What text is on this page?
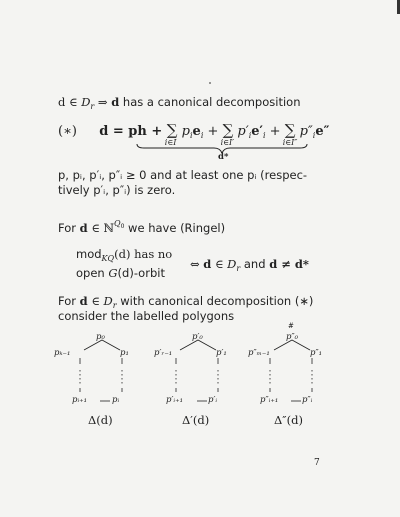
d ∈ $D_r$ ⇒ d has a canonical decomposition
(∗) d = ph + ∑
i∈I
$p_ie_i$ + ∑
i∈I′
$p'_ie'_i$ + ∑
i∈I″
$p''_ie''$
d*
p, pᵢ, p′ᵢ, p″ᵢ ≥ 0 and at least one pᵢ (respec-
tively p′ᵢ, p″ᵢ) is zero.
For d ∈ ℕ$^{Q0}$ we have (Ringel)
mod$_{KQ}$(d) has no
open G(d)-orbit
⇔ d ∈ $D_r$ and d ≠ d*
For d ∈ $D_r$ with canonical decomposition (∗)
consider the labelled polygons
p₀
pₖ₋₁	p₁
pᵢ₊₁	pᵢ
Δ(d)
p′₀
p′ᵣ₋₁	p′₁
p′ᵢ₊₁	p′ᵢ
Δ′(d)
#
p″₀
p″ₘ₋₁	p″₁
p″ᵢ₊₁	p″ᵢ
Δ″(d)
7
